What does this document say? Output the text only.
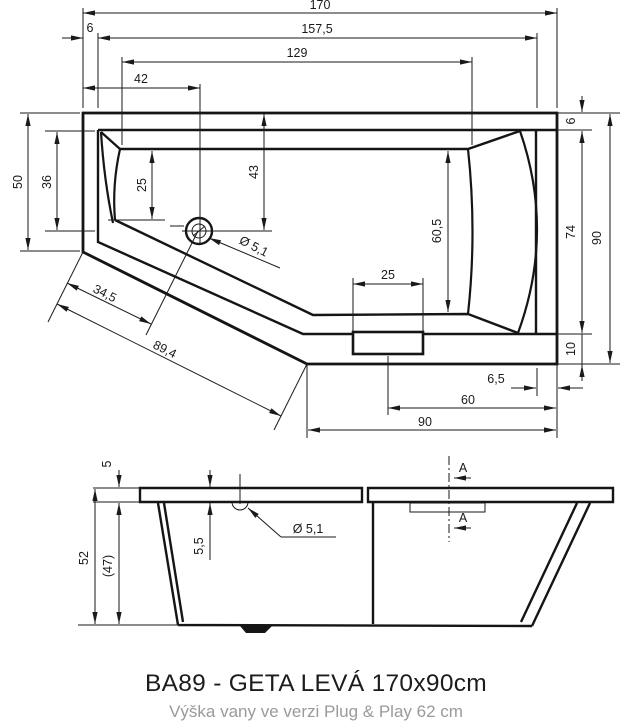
170
6	157,5
129
42
50 36	25
43
60,5
25
Ø 5,1
34,5
89,4
6
74
10
90
6,5
60
90
5
52 (47)
5,5
Ø 5,1
A
A
BA89 - GETA LEVÁ 170x90cm
Výška vany ve verzi Plug & Play 62 cm
